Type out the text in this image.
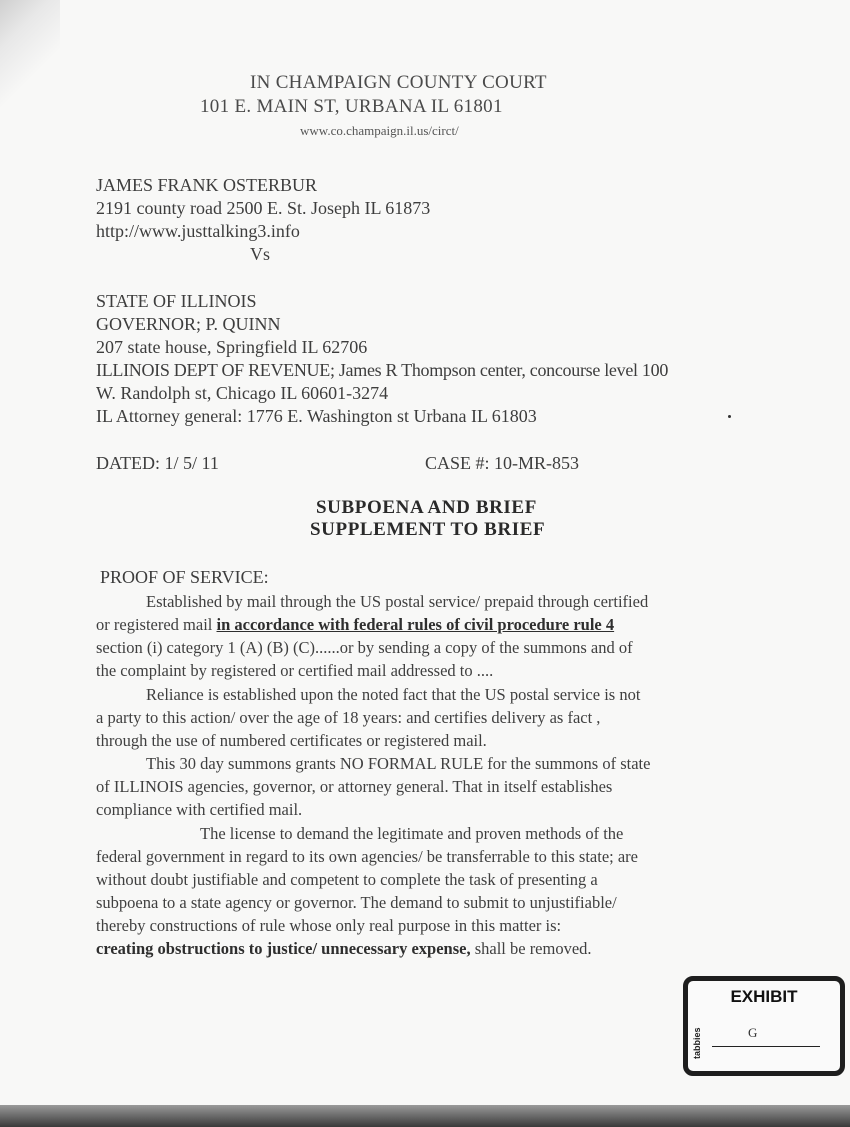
IN CHAMPAIGN COUNTY COURT
101 E. MAIN ST, URBANA IL 61801
www.co.champaign.il.us/circt/
JAMES FRANK OSTERBUR
2191 county road 2500 E. St. Joseph IL 61873
http://www.justtalking3.info
Vs
STATE OF ILLINOIS
GOVERNOR; P. QUINN
207 state house, Springfield IL 62706
ILLINOIS DEPT OF REVENUE; James R Thompson center, concourse level 100
W. Randolph st, Chicago IL 60601-3274
IL Attorney general: 1776 E. Washington st Urbana IL 61803
DATED: 1/ 5/ 11	CASE #: 10-MR-853
SUBPOENA AND BRIEF
SUPPLEMENT TO BRIEF
PROOF OF SERVICE:
Established by mail through the US postal service/ prepaid through certified
or registered mail in accordance with federal rules of civil procedure rule 4
section (i) category 1 (A) (B) (C)......or by sending a copy of the summons and of
the complaint by registered or certified mail addressed to ....
Reliance is established upon the noted fact that the US postal service is not
a party to this action/ over the age of 18 years: and certifies delivery as fact ,
through the use of numbered certificates or registered mail.
This 30 day summons grants NO FORMAL RULE for the summons of state
of ILLINOIS agencies, governor, or attorney general. That in itself establishes
compliance with certified mail.
The license to demand the legitimate and proven methods of the
federal government in regard to its own agencies/ be transferrable to this state; are
without doubt justifiable and competent to complete the task of presenting a
subpoena to a state agency or governor. The demand to submit to unjustifiable/
thereby constructions of rule whose only real purpose in this matter is:
creating obstructions to justice/ unnecessary expense, shall be removed.
EXHIBIT
tabbies	G
